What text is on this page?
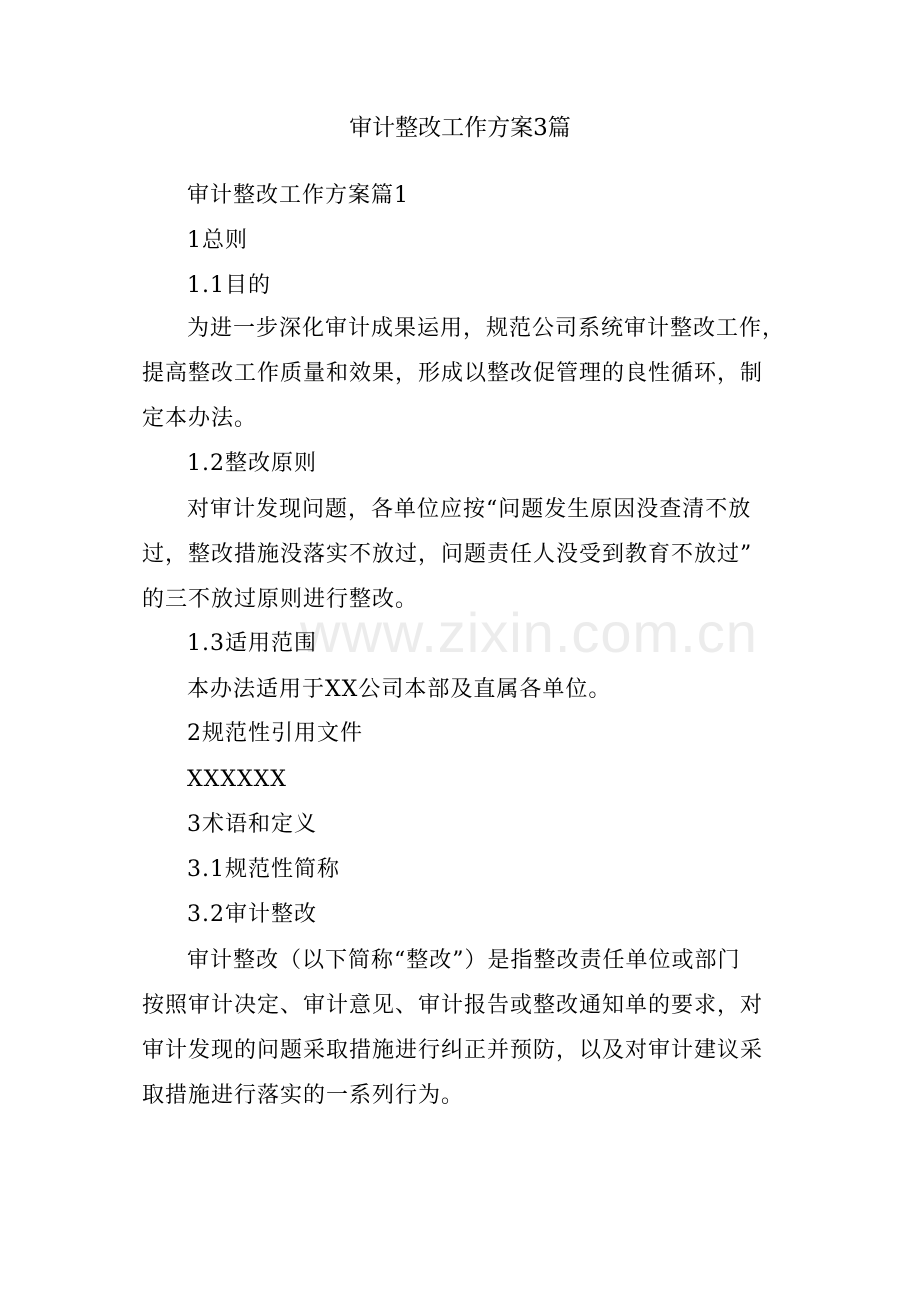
www.zixin.com.cn
审计整改工作方案3篇
审计整改工作方案篇1
1总则
1.1目的
为进一步深化审计成果运用，规范公司系统审计整改工作，
提高整改工作质量和效果，形成以整改促管理的良性循环，制
定本办法。
1.2整改原则
对审计发现问题，各单位应按“问题发生原因没查清不放
过，整改措施没落实不放过，问题责任人没受到教育不放过”
的三不放过原则进行整改。
1.3适用范围
本办法适用于XX公司本部及直属各单位。
2规范性引用文件
XXXXXX
3术语和定义
3.1规范性简称
3.2审计整改
审计整改（以下简称“整改”）是指整改责任单位或部门
按照审计决定、审计意见、审计报告或整改通知单的要求，对
审计发现的问题采取措施进行纠正并预防，以及对审计建议采
取措施进行落实的一系列行为。
